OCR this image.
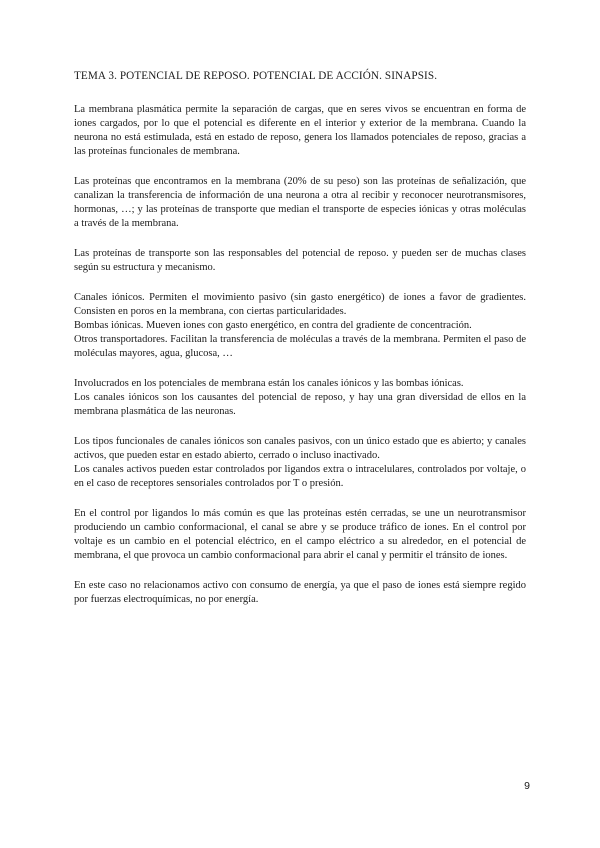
TEMA 3. POTENCIAL DE REPOSO. POTENCIAL DE ACCIÓN. SINAPSIS.

La membrana plasmática permite la separación de cargas, que en seres vivos se encuentran en forma de iones cargados, por lo que el potencial es diferente en el interior y exterior de la membrana. Cuando la neurona no está estimulada, está en estado de reposo, genera los llamados potenciales de reposo, gracias a las proteínas funcionales de membrana.

Las proteínas que encontramos en la membrana (20% de su peso) son las proteínas de señalización, que canalizan la transferencia de información de una neurona a otra al recibir y reconocer neurotransmisores, hormonas, …; y las proteínas de transporte que median el transporte de especies iónicas y otras moléculas a través de la membrana.

Las proteínas de transporte son las responsables del potencial de reposo. y pueden ser de muchas clases según su estructura y mecanismo.

Canales iónicos. Permiten el movimiento pasivo (sin gasto energético) de iones a favor de gradientes. Consisten en poros en la membrana, con ciertas particularidades.

Bombas iónicas. Mueven iones con gasto energético, en contra del gradiente de concentración.

Otros transportadores. Facilitan la transferencia de moléculas a través de la membrana. Permiten el paso de moléculas mayores, agua, glucosa, …

Involucrados en los potenciales de membrana están los canales iónicos y las bombas iónicas.

Los canales iónicos son los causantes del potencial de reposo, y hay una gran diversidad de ellos en la membrana plasmática de las neuronas.

Los tipos funcionales de canales iónicos son canales pasivos, con un único estado que es abierto; y canales activos, que pueden estar en estado abierto, cerrado o incluso inactivado.

Los canales activos pueden estar controlados por ligandos extra o intracelulares, controlados por voltaje, o en el caso de receptores sensoriales controlados por T o presión.

En el control por ligandos lo más común es que las proteínas estén cerradas, se une un neurotransmisor produciendo un cambio conformacional, el canal se abre y se produce tráfico de iones. En el control por voltaje es un cambio en el potencial eléctrico, en el campo eléctrico a su alrededor, en el potencial de membrana, el que provoca un cambio conformacional para abrir el canal y permitir el tránsito de iones.

En este caso no relacionamos activo con consumo de energía, ya que el paso de iones está siempre regido por fuerzas electroquímicas, no por energía.

9
